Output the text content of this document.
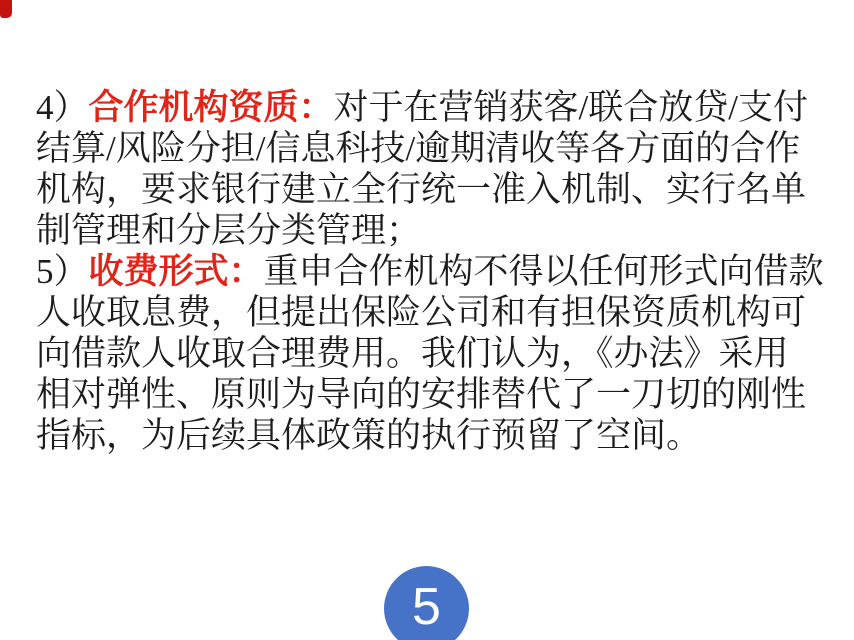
4）合作机构资质：对于在营销获客/联合放贷/支付
结算/风险分担/信息科技/逾期清收等各方面的合作
机构，要求银行建立全行统一准入机制、实行名单
制管理和分层分类管理；
5）收费形式：重申合作机构不得以任何形式向借款
人收取息费，但提出保险公司和有担保资质机构可
向借款人收取合理费用。我们认为，《办法》采用
相对弹性、原则为导向的安排替代了一刀切的刚性
指标，为后续具体政策的执行预留了空间。
5
